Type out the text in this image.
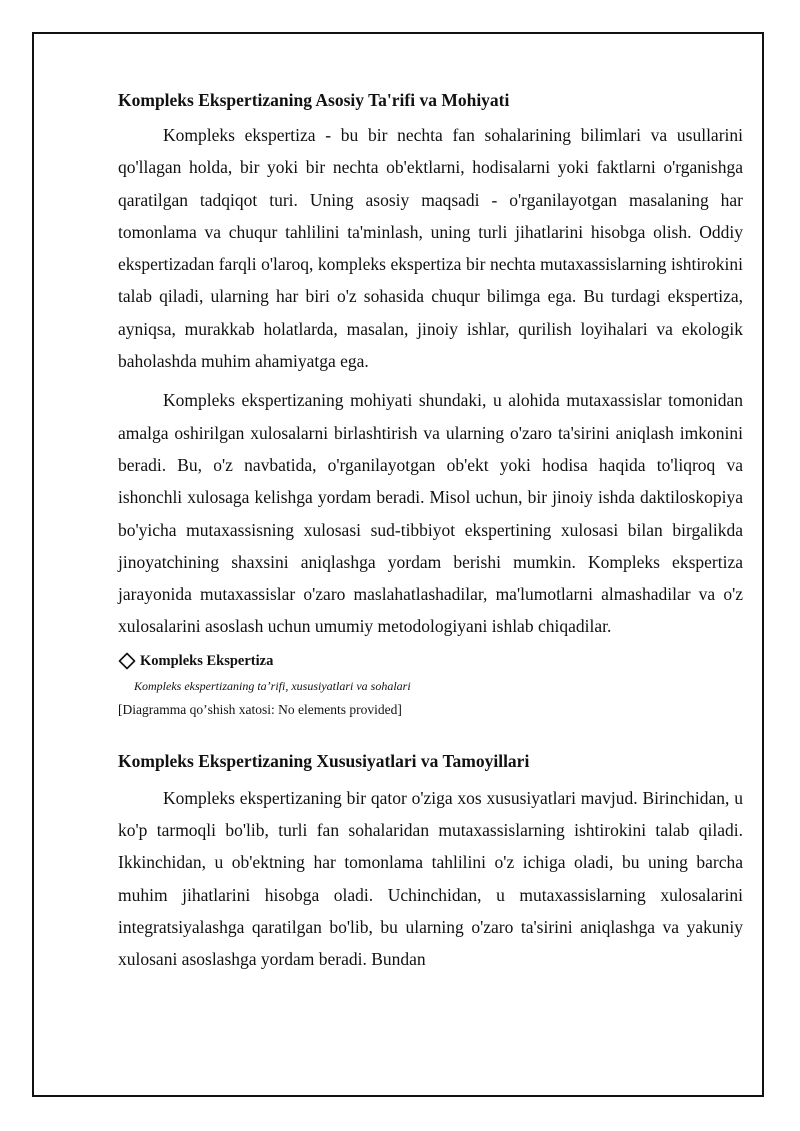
Kompleks Ekspertizaning Asosiy Ta'rifi va Mohiyati

Kompleks ekspertiza - bu bir nechta fan sohalarining bilimlari va usullarini qo'llagan holda, bir yoki bir nechta ob'ektlarni, hodisalarni yoki faktlarni o'rganishga qaratilgan tadqiqot turi. Uning asosiy maqsadi - o'rganilayotgan masalaning har tomonlama va chuqur tahlilini ta'minlash, uning turli jihatlarini hisobga olish. Oddiy ekspertizadan farqli o'laroq, kompleks ekspertiza bir nechta mutaxassislarning ishtirokini talab qiladi, ularning har biri o'z sohasida chuqur bilimga ega. Bu turdagi ekspertiza, ayniqsa, murakkab holatlarda, masalan, jinoiy ishlar, qurilish loyihalari va ekologik baholashda muhim ahamiyatga ega.

Kompleks ekspertizaning mohiyati shundaki, u alohida mutaxassislar tomonidan amalga oshirilgan xulosalarni birlashtirish va ularning o'zaro ta'sirini aniqlash imkonini beradi. Bu, o'z navbatida, o'rganilayotgan ob'ekt yoki hodisa haqida to'liqroq va ishonchli xulosaga kelishga yordam beradi. Misol uchun, bir jinoiy ishda daktiloskopiya bo'yicha mutaxassisning xulosasi sud-tibbiyot ekspertining xulosasi bilan birgalikda jinoyatchining shaxsini aniqlashga yordam berishi mumkin. Kompleks ekspertiza jarayonida mutaxassislar o'zaro maslahatlashadilar, ma'lumotlarni almashadilar va o'z xulosalarini asoslash uchun umumiy metodologiyani ishlab chiqadilar.

Kompleks Ekspertiza
Kompleks ekspertizaning taʼrifi, xususiyatlari va sohalari
[Diagramma qoʼshish xatosi: No elements provided]
Kompleks Ekspertizaning Xususiyatlari va Tamoyillari

Kompleks ekspertizaning bir qator o'ziga xos xususiyatlari mavjud. Birinchidan, u ko'p tarmoqli bo'lib, turli fan sohalaridan mutaxassislarning ishtirokini talab qiladi. Ikkinchidan, u ob'ektning har tomonlama tahlilini o'z ichiga oladi, bu uning barcha muhim jihatlarini hisobga oladi. Uchinchidan, u mutaxassislarning xulosalarini integratsiyalashga qaratilgan bo'lib, bu ularning o'zaro ta'sirini aniqlashga va yakuniy xulosani asoslashga yordam beradi. Bundan
